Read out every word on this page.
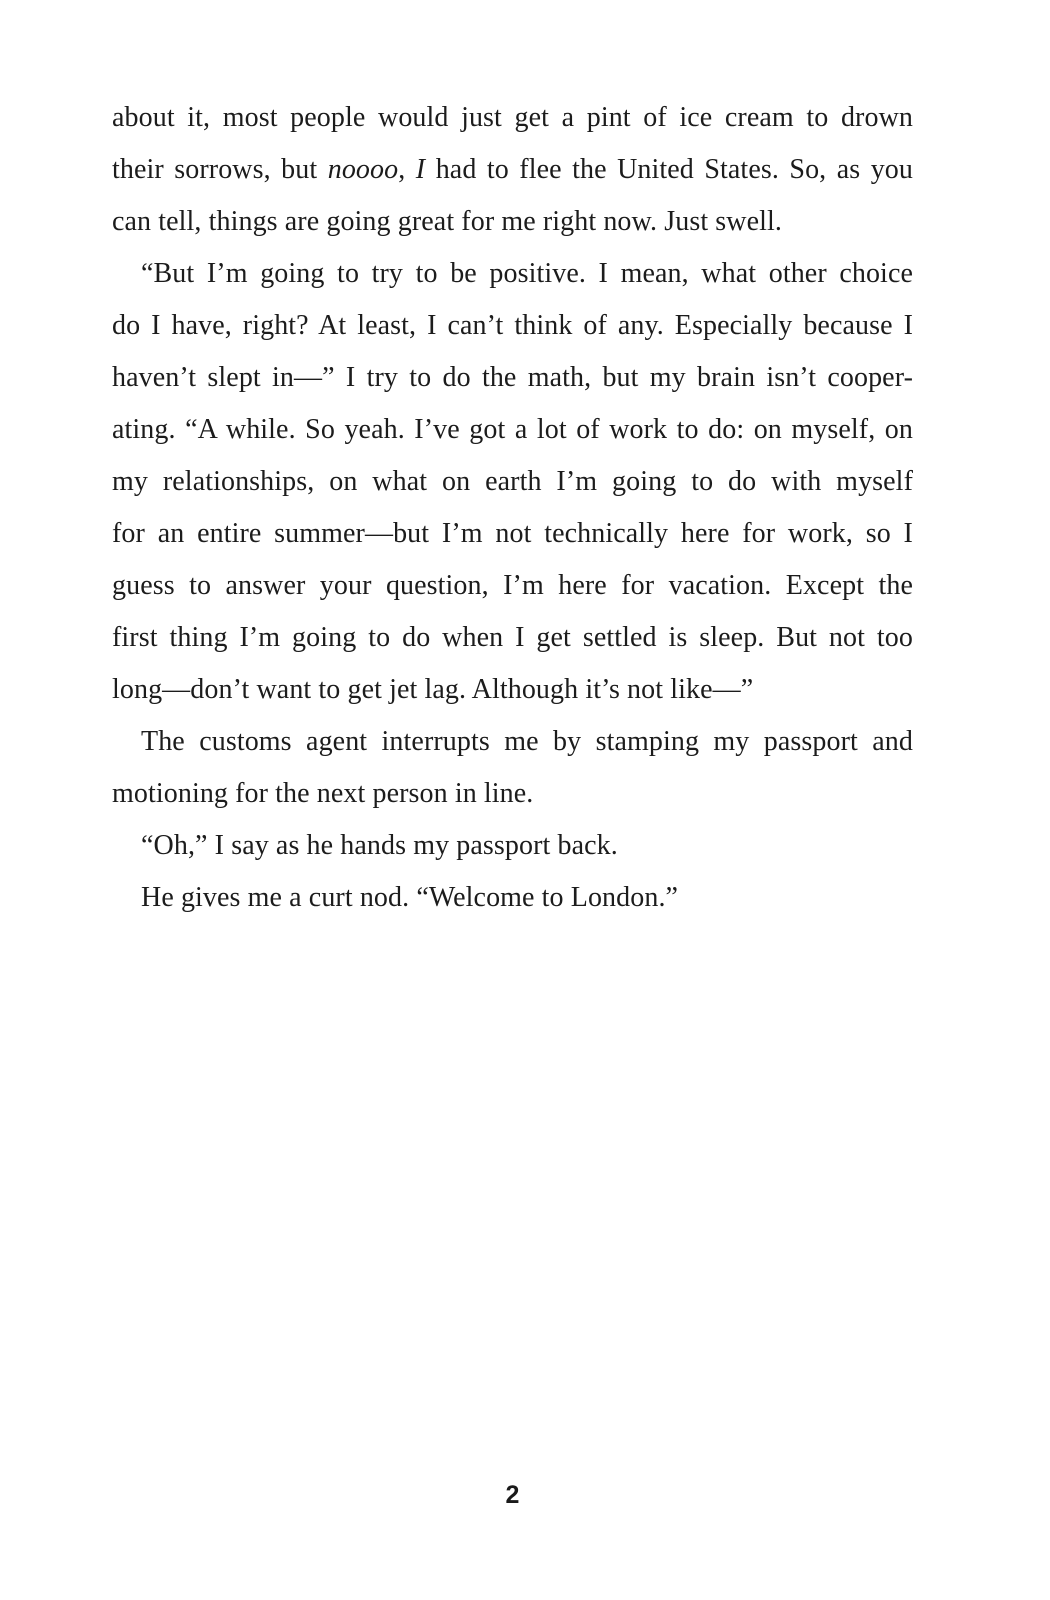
about it, most people would just get a pint of ice cream to drown
their sorrows, but noooo, I had to flee the United States. So, as you
can tell, things are going great for me right now. Just swell.
“But I’m going to try to be positive. I mean, what other choice
do I have, right? At least, I can’t think of any. Especially because I
haven’t slept in—” I try to do the math, but my brain isn’t cooper-
ating. “A while. So yeah. I’ve got a lot of work to do: on myself, on
my relationships, on what on earth I’m going to do with myself
for an entire summer—but I’m not technically here for work, so I
guess to answer your question, I’m here for vacation. Except the
first thing I’m going to do when I get settled is sleep. But not too
long—don’t want to get jet lag. Although it’s not like—”
The customs agent interrupts me by stamping my passport and
motioning for the next person in line.
“Oh,” I say as he hands my passport back.
He gives me a curt nod. “Welcome to London.”
2
